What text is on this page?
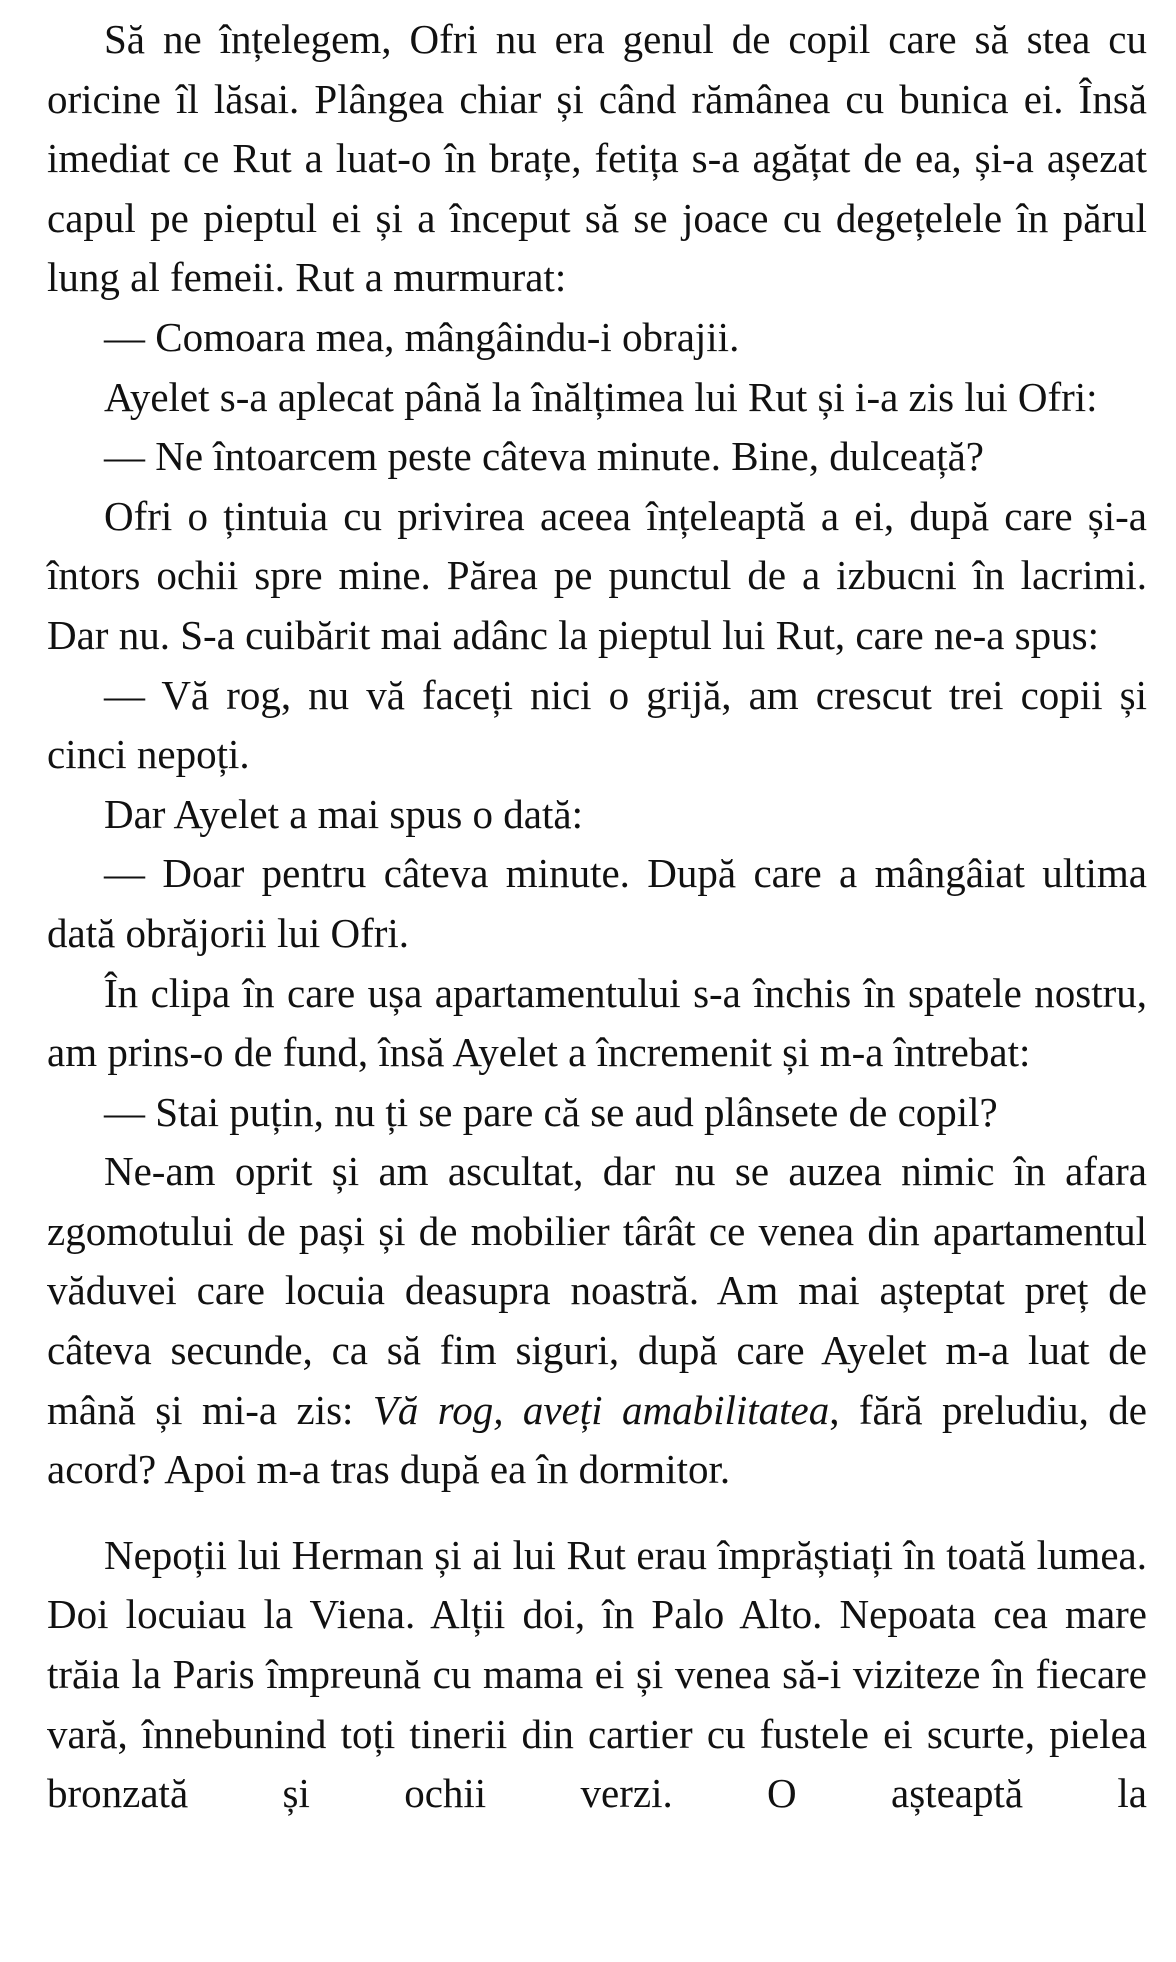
Să ne înțelegem, Ofri nu era genul de copil care să stea cu oricine îl lăsai. Plângea chiar și când rămânea cu bunica ei. Însă imediat ce Rut a luat-o în brațe, fetița s-a agățat de ea, și-a așezat capul pe pieptul ei și a început să se joace cu degețelele în părul lung al femeii. Rut a murmurat:

— Comoara mea, mângâindu-i obrajii.

Ayelet s-a aplecat până la înălțimea lui Rut și i-a zis lui Ofri:

— Ne întoarcem peste câteva minute. Bine, dulceață?

Ofri o țintuia cu privirea aceea înțeleaptă a ei, după care și-a întors ochii spre mine. Părea pe punctul de a izbucni în lacrimi. Dar nu. S-a cuibărit mai adânc la pieptul lui Rut, care ne-a spus:

— Vă rog, nu vă faceți nici o grijă, am crescut trei copii și cinci nepoți.

Dar Ayelet a mai spus o dată:

— Doar pentru câteva minute. După care a mângâiat ultima dată obrăjorii lui Ofri.

În clipa în care ușa apartamentului s-a închis în spatele nostru, am prins-o de fund, însă Ayelet a încremenit și m-a întrebat:

— Stai puțin, nu ți se pare că se aud plânsete de copil?

Ne-am oprit și am ascultat, dar nu se auzea nimic în afara zgomotului de pași și de mobilier târât ce venea din apartamentul văduvei care locuia deasupra noastră. Am mai așteptat preț de câteva secunde, ca să fim siguri, după care Ayelet m-a luat de mână și mi-a zis: Vă rog, aveți amabilitatea, fără preludiu, de acord? Apoi m-a tras după ea în dormitor.

Nepoții lui Herman și ai lui Rut erau împrăștiați în toată lumea. Doi locuiau la Viena. Alții doi, în Palo Alto. Nepoata cea mare trăia la Paris împreună cu mama ei și venea să-i viziteze în fiecare vară, înnebunind toți tinerii din cartier cu fustele ei scurte, pielea bronzată și ochii verzi. O așteaptă la
